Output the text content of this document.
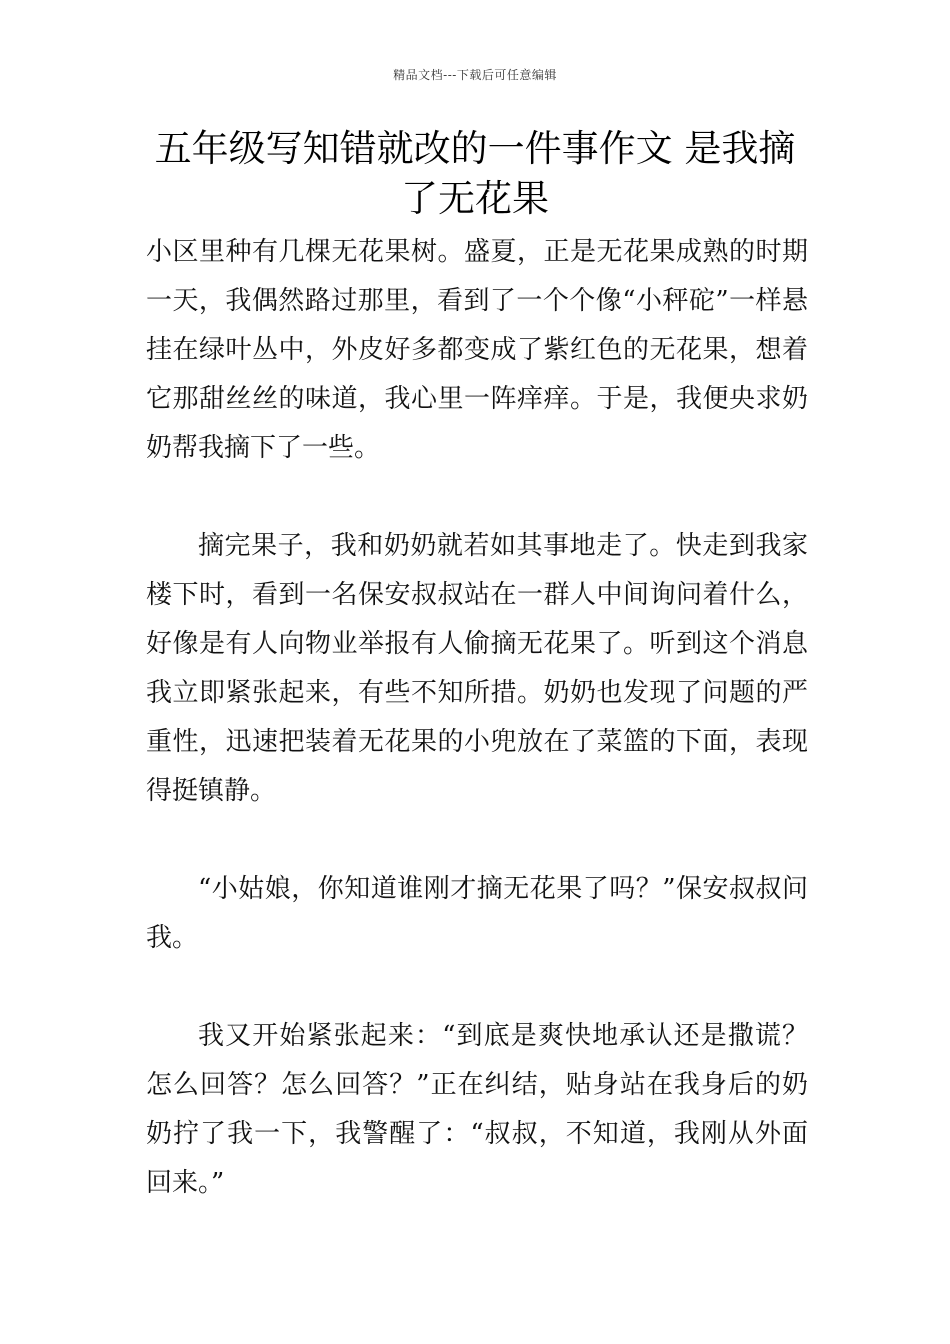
精品文档---下载后可任意编辑
五年级写知错就改的一件事作文 是我摘了无花果

小区里种有几棵无花果树。盛夏，正是无花果成熟的时期一天，我偶然路过那里，看到了一个个像“小秤砣”一样悬挂在绿叶丛中，外皮好多都变成了紫红色的无花果，想着它那甜丝丝的味道，我心里一阵痒痒。于是，我便央求奶奶帮我摘下了一些。

摘完果子，我和奶奶就若如其事地走了。快走到我家楼下时，看到一名保安叔叔站在一群人中间询问着什么，好像是有人向物业举报有人偷摘无花果了。听到这个消息我立即紧张起来，有些不知所措。奶奶也发现了问题的严重性，迅速把装着无花果的小兜放在了菜篮的下面，表现得挺镇静。

“小姑娘，你知道谁刚才摘无花果了吗？”保安叔叔问我。

我又开始紧张起来：“到底是爽快地承认还是撒谎？怎么回答？怎么回答？”正在纠结，贴身站在我身后的奶奶拧了我一下，我警醒了：“叔叔，不知道，我刚从外面回来。”
